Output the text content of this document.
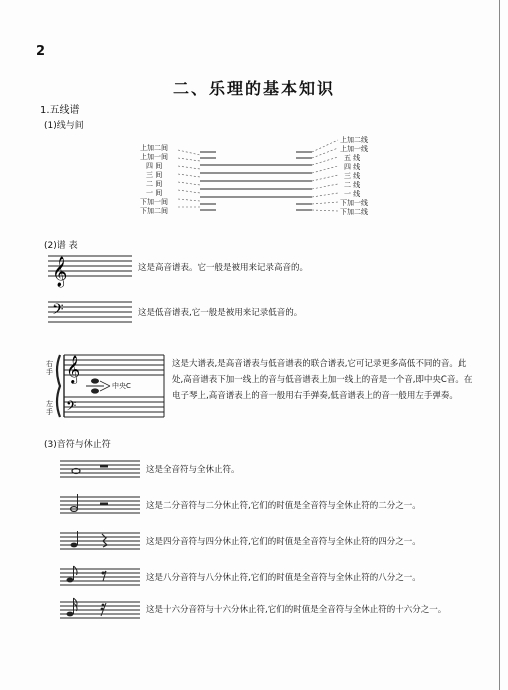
2
二、乐理的基本知识
1.五线谱
(1)线与间
𝄞
𝄢
𝄞
𝄢
上加二间
上加一间
四 间
三 间
二 间
一 间
下加一间
下加二间
上加二线
上加一线
五 线
四 线
三 线
二 线
一 线
下加一线
下加二线
(2)谱 表
这是高音谱表。它一般是被用来记录高音的。
这是低音谱表,它一般是被用来记录低音的。
右手
左手
中央C
这是大谱表,是高音谱表与低音谱表的联合谱表,它可记录更多高低不同的音。此处,高音谱表下加一线上的音与低音谱表上加一线上的音是一个音,即中央C音。在电子琴上,高音谱表上的音一般用右手弹奏,低音谱表上的音一般用左手弹奏。
(3)音符与休止符
这是全音符与全休止符。
这是二分音符与二分休止符,它们的时值是全音符与全休止符的二分之一。
这是四分音符与四分休止符,它们的时值是全音符与全休止符的四分之一。
这是八分音符与八分休止符,它们的时值是全音符与全休止符的八分之一。
这是十六分音符与十六分休止符,它们的时值是全音符与全休止符的十六分之一。
